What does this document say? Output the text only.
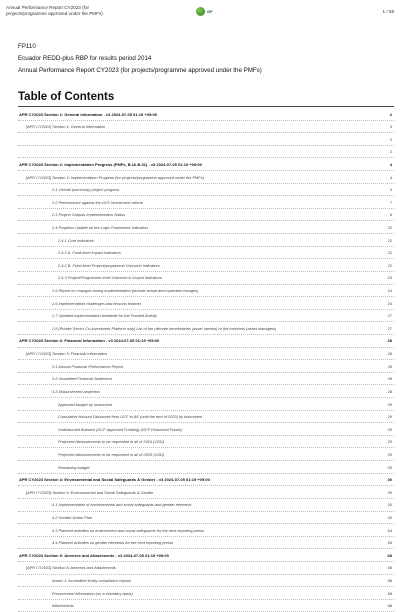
Annual Performance Report CY2023 (for
projects/programme approved under the PMFs)	GF	1 / 68
FP110
Ecuador REDD-plus RBP for results period 2014
Annual Performance Report CY2023 (for projects/programme approved under the PMFs)
Table of Contents
APR CY2023 Section 1: General Information - v3 2024-07-05 01:19 +09:00	2
[APR CY2023] Section 1: General Information	3
2
2
APR CY2023 Section 2: Implementation Progress (PMFs, B.16-B.31) - v3 2024-07-05 01:19 +09:00	4
[APR CY2023] Section 2: Implementation Progress (for projects/programme approved under the PMFs)	4
2.1 Overall (summary) project progress	4
2.2 Performance against the GCF investment criteria	7
2.3 Project Outputs Implementation Status	6
2.4 Progress Update on the Logic Framework Indicators	22
2.4.1 Core indicators	22
2.4.2 A. Fund-level impact indicators	22
2.4.2 B. Fund-level Project/programme Outcome Indicators	22
2.4.3 Project/Programme-level Outcome & Output Indicators	23
2.5 Report on changes during implementation (include actual and expected changes)	24
2.6 Implementation challenges and lessons learned	24
2.7 Updated implementation timetable for the Funded Activity	27
2.8 [Private Sector Co-Investment Platform only] List of the ultimate beneficiaries (asset owners) or the investors (asset managers)	27
APR CY2023 Section 3: Financial Information - v3 2024-07-05 01:19 +09:00	28
[APR CY2023] Section 3: Financial Information	28
3.1 Annual Financial Performance Report	28
3.2 Unaudited Financial Statement	28
3.3 Disbursement projection	28
Approved budget by instrument	29
Cumulative Amount Disbursed from GCF to AE (until the end of 2023) by instrument	29
Undisbursed Balance (GCF Approved Funding) (GCF Disbursed Funds)	29
Projected disbursements to be requested in all of 2024 (USD)	29
Projected disbursements to be requested in all of 2025 (USD)	29
Remaining budget	29
APR CY2023 Section 4: Environmental and Social Safeguards & Gender - v3 2024-07-05 01:19 +09:00	30
[APR CY2023] Section 4: Environmental and Social Safeguards & Gender	30
4.1 Implementation of environmental and social safeguards and gender elements	30
4.2 Gender Action Plan	43
4.3 Planned activities on environment and social safeguards for the next reporting period	64
4.4 Planned activities on gender elements for the next reporting period	65
APR CY2023 Section 5: Annexes and Attachments - v3 2024-07-05 01:19 +09:00	68
[APR CY2023] Section 5: Annexes and Attachments	68
Annex 1: Accredited Entity compliance reports	68
Procurement information (on a voluntary basis)	68
Attachments	68
